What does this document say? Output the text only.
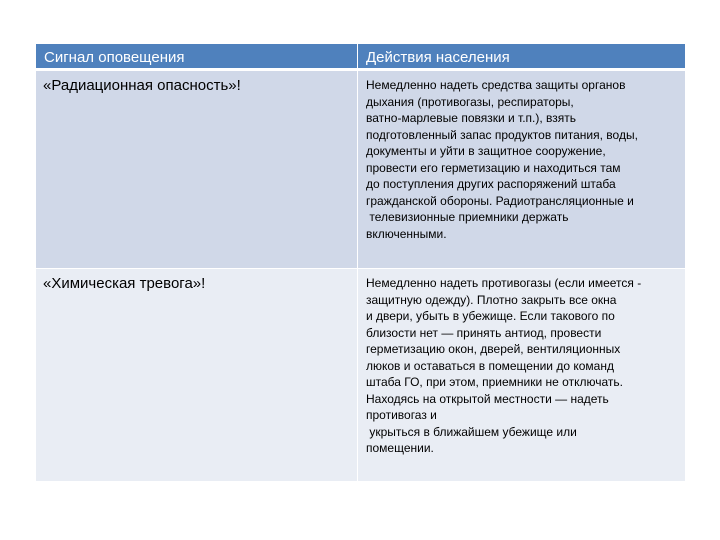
Сигнал оповещения	Действия населения
«Радиационная опасность»!	Немедленно надеть средства защиты органов
дыхания (противогазы, респираторы,
ватно-марлевые повязки и т.п.), взять
подготовленный запас продуктов питания, воды,
документы и уйти в защитное сооружение,
провести его герметизацию и находиться там
до поступления других распоряжений штаба
гражданской обороны. Радиотрансляционные и
телевизионные приемники держать
включенными.
«Химическая тревога»!	Немедленно надеть противогазы (если имеется -
защитную одежду). Плотно закрыть все окна
и двери, убыть в убежище. Если такового по
близости нет — принять антиод, провести
герметизацию окон, дверей, вентиляционных
люков и оставаться в помещении до команд
штаба ГО, при этом, приемники не отключать.
Находясь на открытой местности — надеть
противогаз и
укрыться в ближайшем убежище или
помещении.
